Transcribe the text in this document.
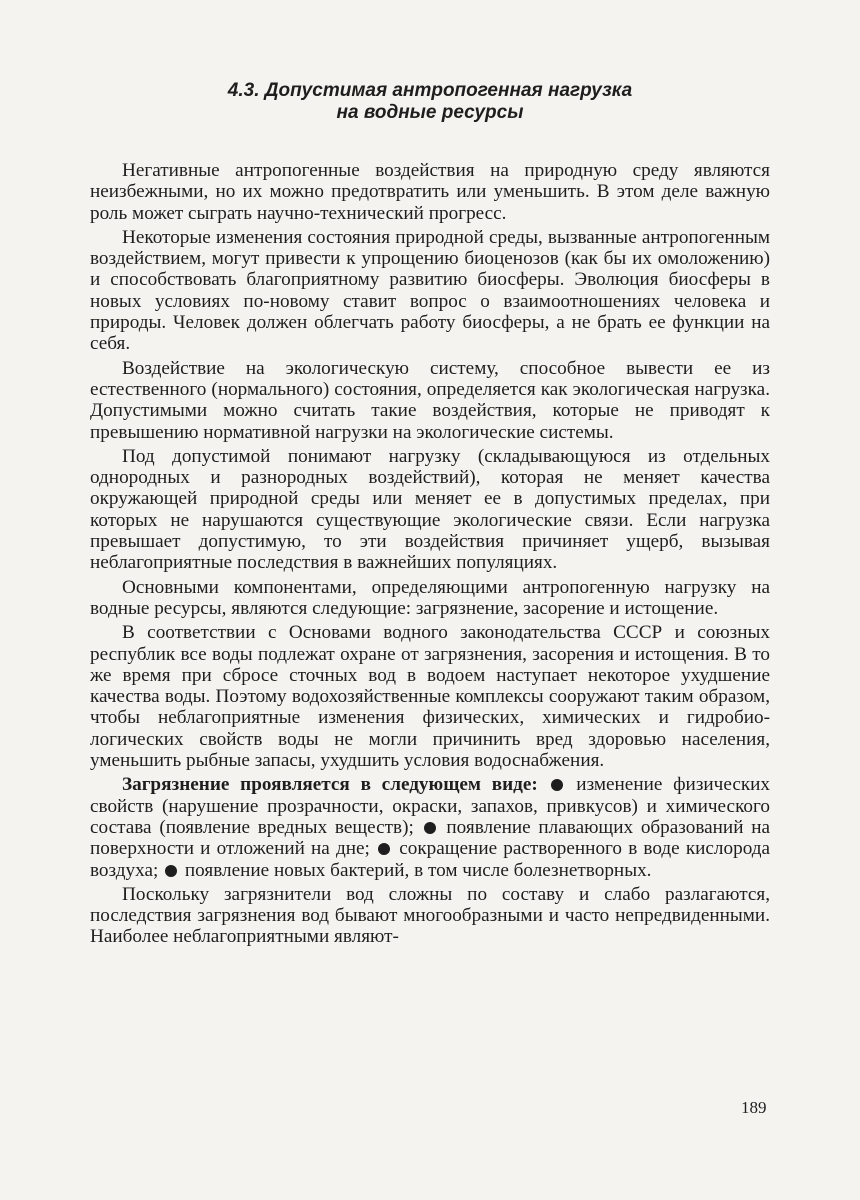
4.3. Допустимая антропогенная нагрузка
на водные ресурсы

Негативные антропогенные воздействия на природную среду являются неизбежными, но их можно предотвратить или уменьшить. В этом деле важную роль может сыграть научно-технический прогресс.

Некоторые изменения состояния природной среды, вызванные антропогенным воздействием, могут привести к упрощению биоценозов (как бы их омоложению) и способствовать благоприятному развитию биосферы. Эволюция биосферы в новых условиях по-новому ставит вопрос о взаимоотношениях человека и природы. Человек должен облегчать работу биосферы, а не брать ее функции на себя.

Воздействие на экологическую систему, способное вывести ее из естественного (нормального) состояния, определяется как экологическая нагрузка. Допустимыми можно считать такие воздействия, которые не приводят к превышению нормативной нагрузки на экологические системы.

Под допустимой понимают нагрузку (складывающуюся из отдельных однородных и разнородных воздействий), которая не меняет качества окружающей природной среды или меняет ее в допустимых пределах, при которых не нарушаются существующие экологические связи. Если нагрузка превышает допустимую, то эти воздействия причиняет ущерб, вызывая неблагоприятные последствия в важнейших популяциях.

Основными компонентами, определяющими антропогенную нагрузку на водные ресурсы, являются следующие: загрязнение, засорение и истощение.

В соответствии с Основами водного законодательства СССР и союзных республик все воды подлежат охране от загрязнения, засорения и истощения. В то же время при сбросе сточных вод в водоем наступает некоторое ухудшение качества воды. Поэтому водохозяйственные комплексы сооружают таким образом, чтобы неблагоприятные изменения физических, химических и гидробиологических свойств воды не могли причинить вред здоровью населения, уменьшить рыбные запасы, ухудшить условия водоснабжения.

Загрязнение проявляется в следующем виде: изменение физических свойств (нарушение прозрачности, окраски, запахов, привкусов) и химического состава (появление вредных веществ); появление плавающих образований на поверхности и отложений на дне; сокращение растворенного в воде кислорода воздуха; появление новых бактерий, в том числе болезнетворных.

Поскольку загрязнители вод сложны по составу и слабо разлагаются, последствия загрязнения вод бывают многообразными и часто непредвиденными. Наиболее неблагоприятными являют-

189
